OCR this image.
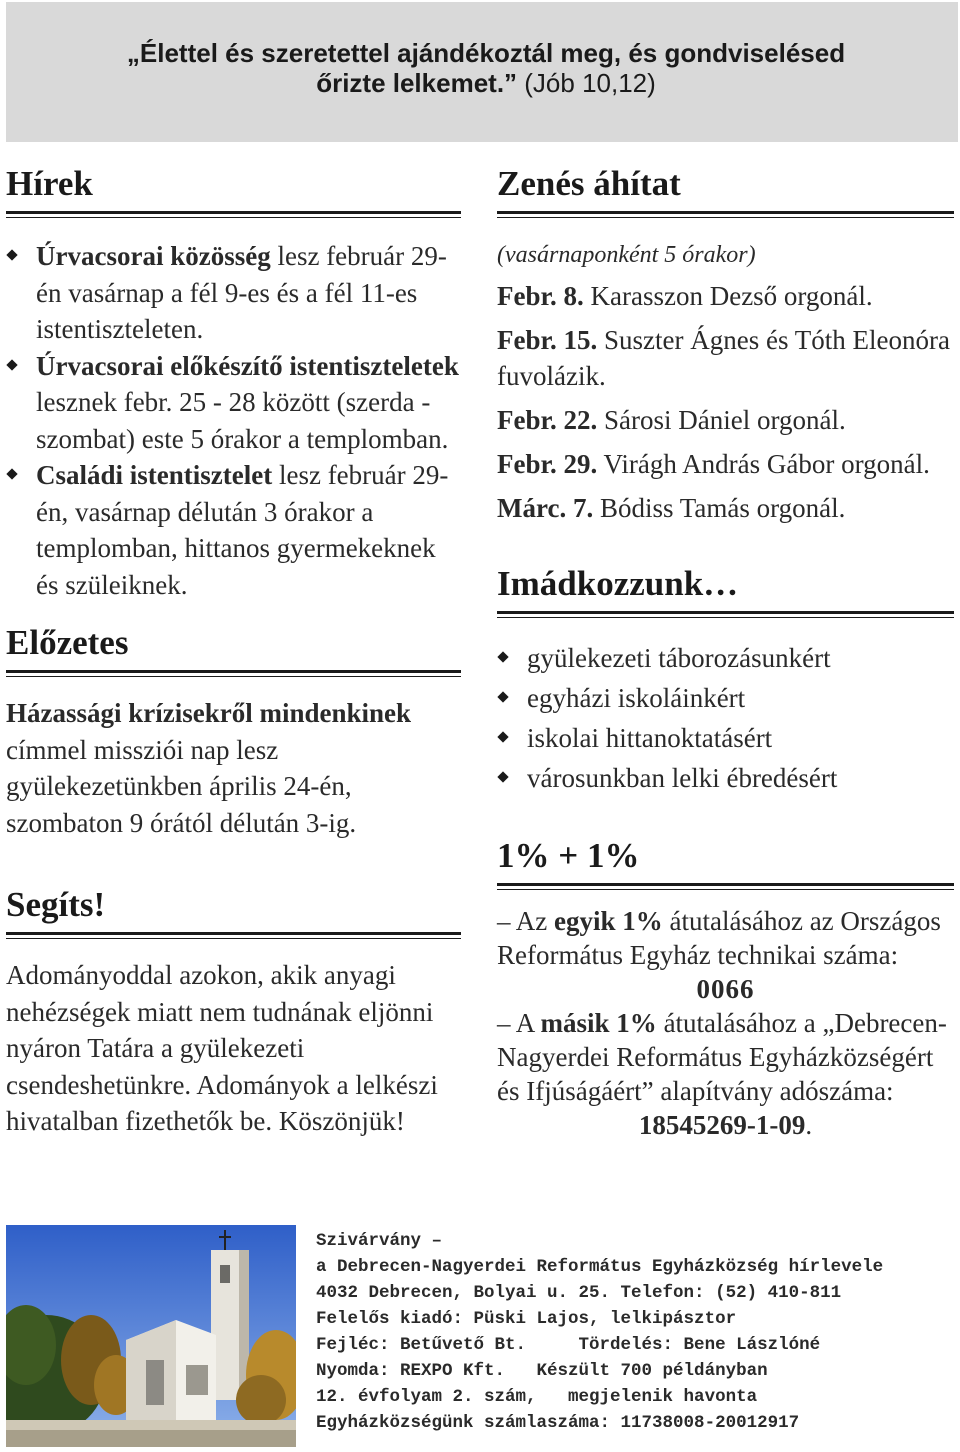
„Élettel és szeretettel ajándékoztál meg, és gondviselésed
őrizte lelkemet.” (Jób 10,12)
Hírek
Úrvacsorai közösség lesz február 29-én vasárnap a fél 9-es és a fél 11-es istentiszteleten.
Úrvacsorai előkészítő istentiszteletek lesznek febr. 25 - 28 között (szerda - szombat) este 5 órakor a templomban.
Családi istentisztelet lesz február 29-én, vasárnap délután 3 órakor a templomban, hittanos gyermekeknek és szüleiknek.
Előzetes

Házassági krízisekről mindenkinek címmel missziói nap lesz gyülekezetünkben április 24-én, szombaton 9 órától délután 3-ig.

Segíts!

Adományoddal azokon, akik anyagi nehézségek miatt nem tudnának eljönni nyáron Tatára a gyülekezeti csendeshetünkre. Adományok a lelkészi hivatalban fizethetők be. Köszönjük!

Zenés áhítat
(vasárnaponként 5 órakor)
Febr. 8. Karasszon Dezső orgonál.
Febr. 15. Suszter Ágnes és Tóth Eleonóra fuvolázik.
Febr. 22. Sárosi Dániel orgonál.
Febr. 29. Virágh András Gábor orgonál.
Márc. 7. Bódiss Tamás orgonál.
Imádkozzunk…
gyülekezeti táborozásunkért
egyházi iskoláinkért
iskolai hittanoktatásért
városunkban lelki ébredésért
1% + 1%

– Az egyik 1% átutalásához az Országos Református Egyház technikai száma:

0066

– A másik 1% átutalásához a „Debrecen-Nagyerdei Református Egyházközségért és Ifjúságáért” alapítvány adószáma:

18545269-1-09.

Szivárvány –
a Debrecen-Nagyerdei Református Egyházközség hírlevele
4032 Debrecen, Bolyai u. 25. Telefon: (52) 410-811
Felelős kiadó: Püski Lajos, lelkipásztor
Fejléc: Betűvető Bt.     Tördelés: Bene Lászlóné
Nyomda: REXPO Kft.   Készült 700 példányban
12. évfolyam 2. szám,   megjelenik havonta
Egyházközségünk számlaszáma: 11738008-20012917
